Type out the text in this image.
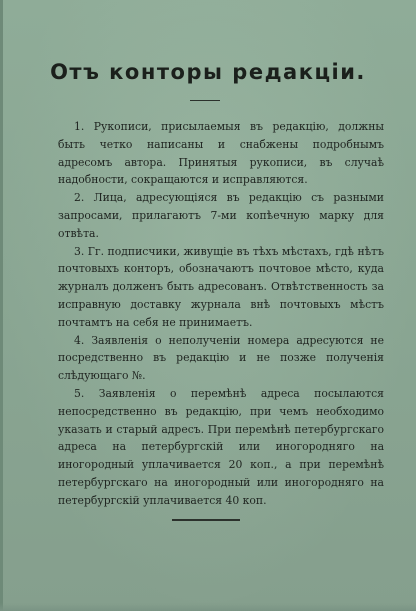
Отъ конторы редакціи.

1. Рукописи, присылаемыя въ редакцію, должны быть четко написаны и снабжены подробнымъ адресомъ автора. Принятыя рукописи, въ случаѣ надобности, сокращаются и исправляются.

2. Лица, адресующіяся въ редакцію съ разными запросами, прилагаютъ 7-ми копѣечную марку для отвѣта.

3. Гг. подписчики, живущіе въ тѣхъ мѣстахъ, гдѣ нѣтъ почтовыхъ конторъ, обозначаютъ почтовое мѣсто, куда журналъ долженъ быть адресованъ. Отвѣтственность за исправную доставку журнала внѣ почтовыхъ мѣстъ почтамтъ на себя не принимаетъ.

4. Заявленія о неполученіи номера адресуются не посредственно въ редакцію и не позже полученія слѣдующаго №.

5. Заявленія о перемѣнѣ адреса посылаются непосредственно въ редакцію, при чемъ необходимо указать и старый адресъ. При перемѣнѣ петербургскаго адреса на петербургскій или иногородняго на иногородный уплачивается 20 коп., а при перемѣнѣ петербургскаго на иногородный или иногородняго на петербургскій уплачивается 40 коп.
